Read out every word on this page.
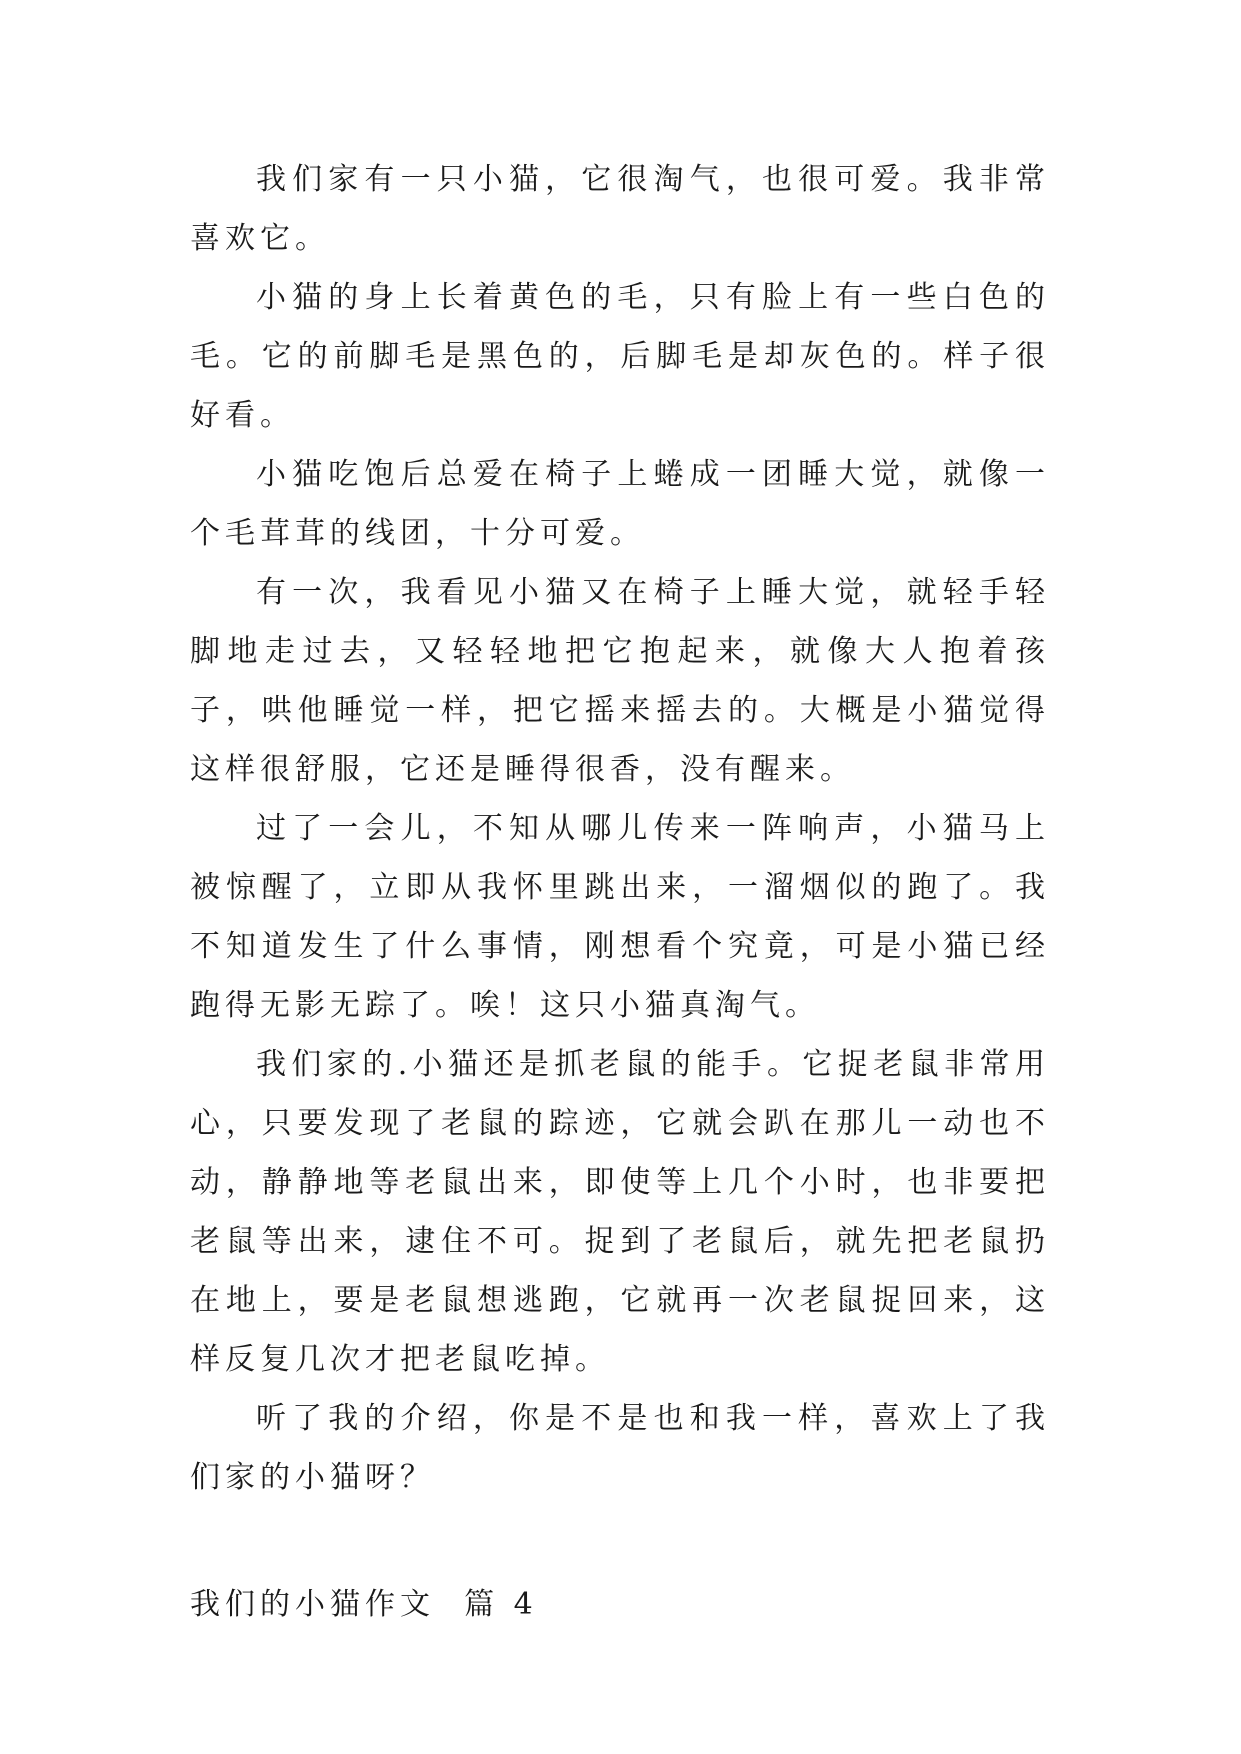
我们家有一只小猫，它很淘气，也很可爱。我非常喜欢它。

小猫的身上长着黄色的毛，只有脸上有一些白色的毛。它的前脚毛是黑色的，后脚毛是却灰色的。样子很好看。

小猫吃饱后总爱在椅子上蜷成一团睡大觉，就像一个毛茸茸的线团，十分可爱。

有一次，我看见小猫又在椅子上睡大觉，就轻手轻脚地走过去，又轻轻地把它抱起来，就像大人抱着孩子，哄他睡觉一样，把它摇来摇去的。大概是小猫觉得这样很舒服，它还是睡得很香，没有醒来。

过了一会儿，不知从哪儿传来一阵响声，小猫马上被惊醒了，立即从我怀里跳出来，一溜烟似的跑了。我不知道发生了什么事情，刚想看个究竟，可是小猫已经跑得无影无踪了。唉！这只小猫真淘气。

我们家的.小猫还是抓老鼠的能手。它捉老鼠非常用心，只要发现了老鼠的踪迹，它就会趴在那儿一动也不动，静静地等老鼠出来，即使等上几个小时，也非要把老鼠等出来，逮住不可。捉到了老鼠后，就先把老鼠扔在地上，要是老鼠想逃跑，它就再一次老鼠捉回来，这样反复几次才把老鼠吃掉。

听了我的介绍，你是不是也和我一样，喜欢上了我们家的小猫呀？

我们的小猫作文  篇 4
